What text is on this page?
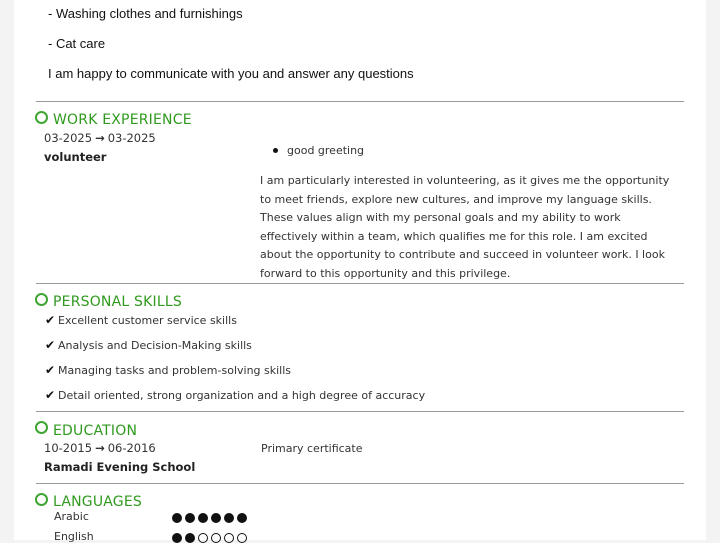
- Washing clothes and furnishings
- Cat care
I am happy to communicate with you and answer any questions
WORK EXPERIENCE
03-2025 → 03-2025
volunteer	good greeting
I am particularly interested in volunteering, as it gives me the opportunity to meet friends, explore new cultures, and improve my language skills. These values align with my personal goals and my ability to work effectively within a team, which qualifies me for this role. I am excited about the opportunity to contribute and succeed in volunteer work. I look forward to this opportunity and this privilege.
PERSONAL SKILLS
✔ Excellent customer service skills
✔ Analysis and Decision-Making skills
✔ Managing tasks and problem-solving skills
✔ Detail oriented, strong organization and a high degree of accuracy
EDUCATION
10-2015 → 06-2016
Ramadi Evening School
Primary certificate
LANGUAGES
Arabic
English
